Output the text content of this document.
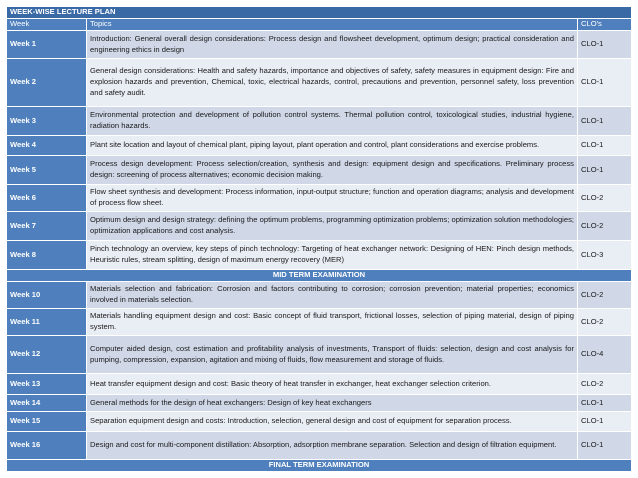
WEEK-WISE LECTURE PLAN		
Week	Topics	CLO's
Week 1	Introduction: General overall design considerations: Process design and flowsheet development, optimum design; practical consideration and engineering ethics in design	CLO-1
Week 2	General design considerations: Health and safety hazards, importance and objectives of safety, safety measures in equipment design: Fire and explosion hazards and prevention, Chemical, toxic, electrical hazards, control, precautions and prevention, personnel safety, loss prevention and safety audit.	CLO-1
Week 3	Environmental protection and development of pollution control systems. Thermal pollution control, toxicological studies, industrial hygiene, radiation hazards.	CLO-1
Week 4	Plant site location and layout of chemical plant, piping layout, plant operation and control, plant considerations and exercise problems.	CLO-1
Week 5	Process design development: Process selection/creation, synthesis and design: equipment design and specifications. Preliminary process design: screening of process alternatives; economic decision making.	CLO-1
Week 6	Flow sheet synthesis and development: Process information, input-output structure; function and operation diagrams; analysis and development of process flow sheet.	CLO-2
Week 7	Optimum design and design strategy: defining the optimum problems, programming optimization problems; optimization solution methodologies; optimization applications and cost analysis.	CLO-2
Week 8	Pinch technology an overview, key steps of pinch technology: Targeting of heat exchanger network: Designing of HEN: Pinch design methods, Heuristic rules, stream splitting, design of maximum energy recovery (MER)	CLO-3
MID TERM EXAMINATION		
Week 10	Materials selection and fabrication: Corrosion and factors contributing to corrosion; corrosion prevention; material properties; economics involved in materials selection.	CLO-2
Week 11	Materials handling equipment design and cost: Basic concept of fluid transport, frictional losses, selection of piping material, design of piping system.	CLO-2
Week 12	Computer aided design, cost estimation and profitability analysis of investments, Transport of fluids: selection, design and cost analysis for pumping, compression, expansion, agitation and mixing of fluids, flow measurement and storage of fluids.	CLO-4
Week 13	Heat transfer equipment design and cost: Basic theory of heat transfer in exchanger, heat exchanger selection criterion.	CLO-2
Week 14	General methods for the design of heat exchangers: Design of key heat exchangers	CLO-1
Week 15	Separation equipment design and costs: Introduction, selection, general design and cost of equipment for separation process.	CLO-1
Week 16	Design and cost for multi-component distillation: Absorption, adsorption membrane separation. Selection and design of filtration equipment.	CLO-1
FINAL TERM EXAMINATION		
